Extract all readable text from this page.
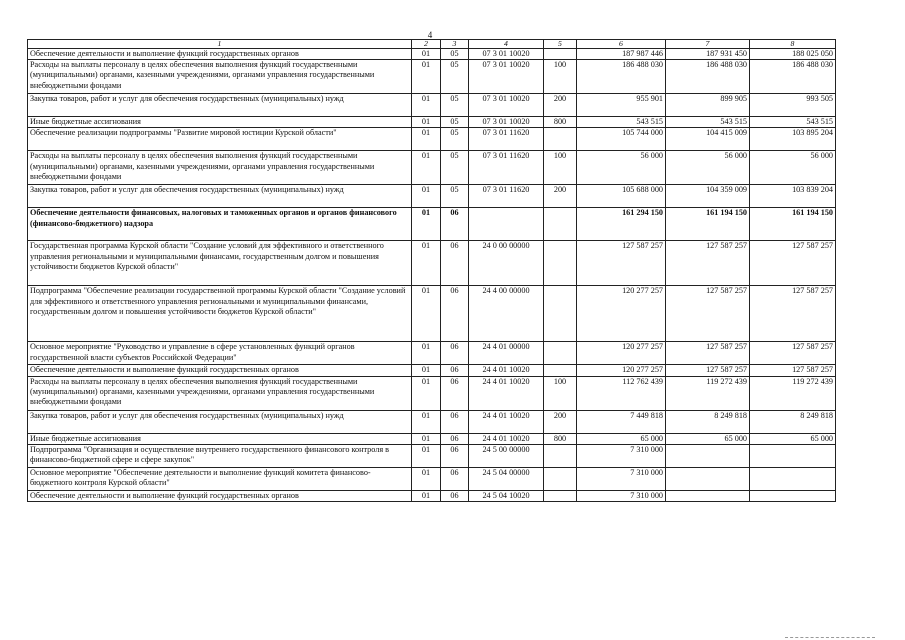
4
1	2	3	4	5	6	7	8
Обеспечение деятельности и выполнение функций государственных органов	01	05	07 3 01 10020		187 987 446	187 931 450	188 025 050
Расходы на выплаты персоналу в целях обеспечения выполнения функций государственными (муниципальными) органами, казенными учреждениями, органами управления государственными внебюджетными фондами	01	05	07 3 01 10020	100	186 488 030	186 488 030	186 488 030
Закупка товаров, работ и услуг для обеспечения государственных (муниципальных) нужд	01	05	07 3 01 10020	200	955 901	899 905	993 505
Иные бюджетные ассигнования	01	05	07 3 01 10020	800	543 515	543 515	543 515
Обеспечение реализации подпрограммы "Развитие мировой юстиции Курской области"	01	05	07 3 01 11620		105 744 000	104 415 009	103 895 204
Расходы на выплаты персоналу в целях обеспечения выполнения функций государственными (муниципальными) органами, казенными учреждениями, органами управления государственными внебюджетными фондами	01	05	07 3 01 11620	100	56 000	56 000	56 000
Закупка товаров, работ и услуг для обеспечения государственных (муниципальных) нужд	01	05	07 3 01 11620	200	105 688 000	104 359 009	103 839 204
Обеспечение деятельности финансовых, налоговых и таможенных органов и органов финансового (финансово-бюджетного) надзора	01	06			161 294 150	161 194 150	161 194 150
Государственная программа Курской области "Создание условий для эффективного и ответственного управления региональными и муниципальными финансами, государственным долгом и повышения устойчивости бюджетов Курской области"	01	06	24 0 00 00000		127 587 257	127 587 257	127 587 257
Подпрограмма "Обеспечение реализации государственной программы Курской области "Создание условий для эффективного и ответственного управления региональными и муниципальными финансами, государственным долгом и повышения устойчивости бюджетов Курской области"	01	06	24 4 00 00000		120 277 257	127 587 257	127 587 257
Основное мероприятие "Руководство и управление в сфере установленных функций органов государственной власти субъектов Российской Федерации"	01	06	24 4 01 00000		120 277 257	127 587 257	127 587 257
Обеспечение деятельности и выполнение функций государственных органов	01	06	24 4 01 10020		120 277 257	127 587 257	127 587 257
Расходы на выплаты персоналу в целях обеспечения выполнения функций государственными (муниципальными) органами, казенными учреждениями, органами управления государственными внебюджетными фондами	01	06	24 4 01 10020	100	112 762 439	119 272 439	119 272 439
Закупка товаров, работ и услуг для обеспечения государственных (муниципальных) нужд	01	06	24 4 01 10020	200	7 449 818	8 249 818	8 249 818
Иные бюджетные ассигнования	01	06	24 4 01 10020	800	65 000	65 000	65 000
Подпрограмма "Организация и осуществление внутреннего государственного финансового контроля в финансово-бюджетной сфере и сфере закупок"	01	06	24 5 00 00000		7 310 000		
Основное мероприятие "Обеспечение деятельности и выполнение функций комитета финансово-бюджетного контроля Курской области"	01	06	24 5 04 00000		7 310 000		
Обеспечение деятельности и выполнение функций государственных органов	01	06	24 5 04 10020		7 310 000		
